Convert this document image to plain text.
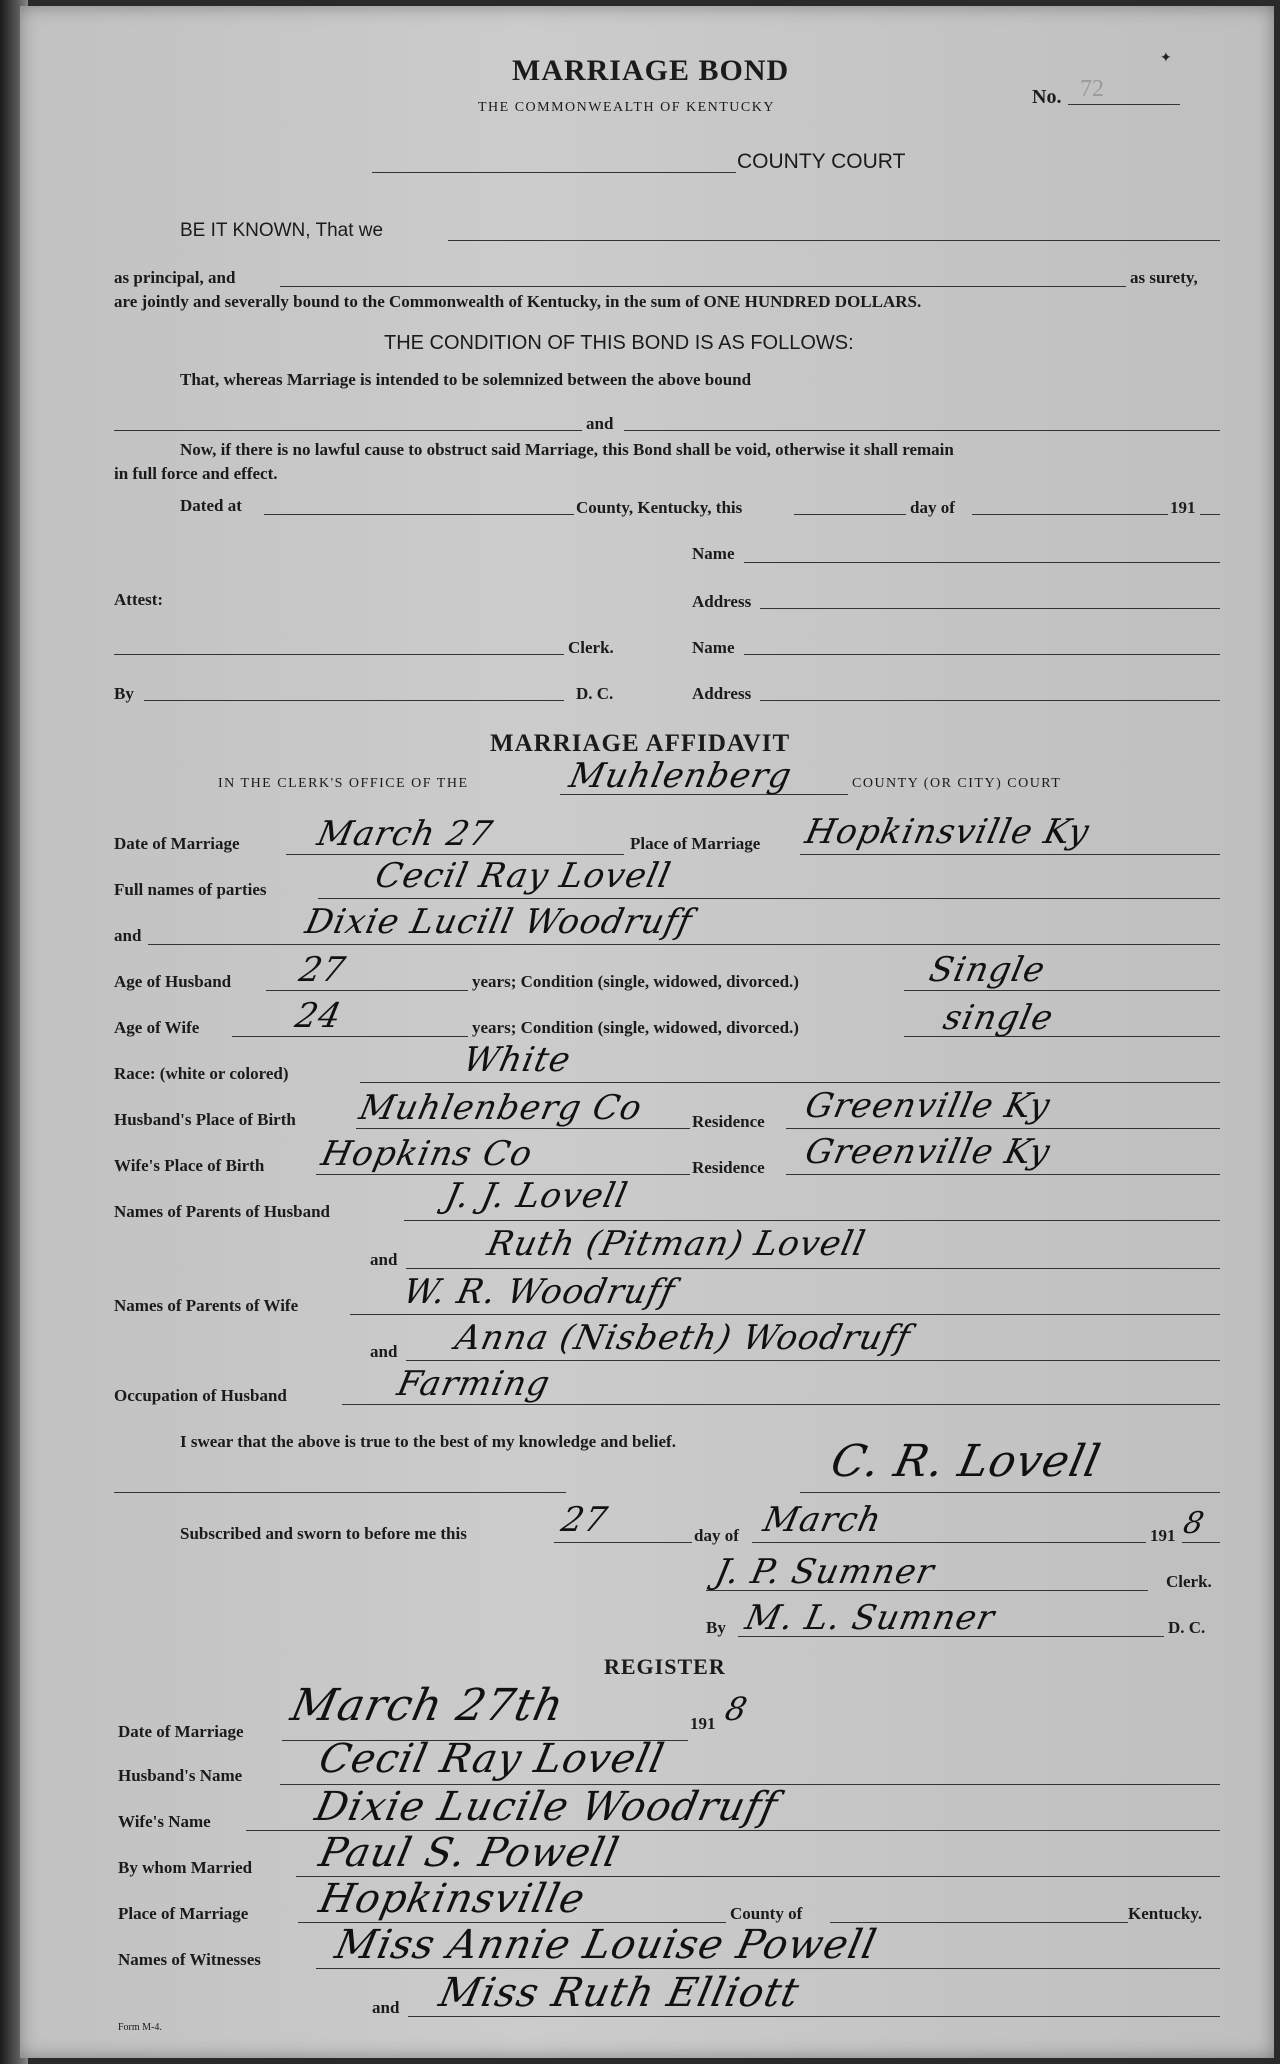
✦
MARRIAGE BOND
THE COMMONWEALTH OF KENTUCKY	No. 72
COUNTY COURT
BE IT KNOWN, That we
as principal, and	as surety,
are jointly and severally bound to the Commonwealth of Kentucky, in the sum of ONE HUNDRED DOLLARS.
THE CONDITION OF THIS BOND IS AS FOLLOWS:
That, whereas Marriage is intended to be solemnized between the above bound
and
Now, if there is no lawful cause to obstruct said Marriage, this Bond shall be void, otherwise it shall remain
in full force and effect.
Dated at	County, Kentucky, this	day of	191
Name
Attest:	Address
Clerk.	Name
By	D. C.	Address
MARRIAGE AFFIDAVIT
IN THE CLERK'S OFFICE OF THE	Muhlenberg	COUNTY (OR CITY) COURT
Date of Marriage March 27	Place of Marriage Hopkinsville Ky
Full names of parties	Cecil Ray Lovell
and	Dixie Lucill Woodruff
Age of Husband 27	years; Condition (single, widowed, divorced.)	Single
Age of Wife	24	years; Condition (single, widowed, divorced.)	single
Race: (white or colored)	White
Husband's Place of Birth Muhlenberg Co	Residence Greenville Ky
Wife's Place of Birth Hopkins Co	Residence Greenville Ky
Names of Parents of Husband	J. J. Lovell
and	Ruth (Pitman) Lovell
Names of Parents of Wife	W. R. Woodruff
and Anna (Nisbeth) Woodruff
Occupation of Husband	Farming
I swear that the above is true to the best of my knowledge and belief.	C. R. Lovell
Subscribed and sworn to before me this	27	day of March	191 8
J. P. Sumner	Clerk.
By M. L. Sumner	D. C.
REGISTER
Date of Marriage
March 27th	191 8
Husband's Name Cecil Ray Lovell
Wife's Name	Dixie Lucile Woodruff
By whom Married Paul S. Powell
Place of Marriage Hopkinsville	County of	Kentucky.
Names of Witnesses Miss Annie Louise Powell
and Miss Ruth Elliott
Form M-4.
